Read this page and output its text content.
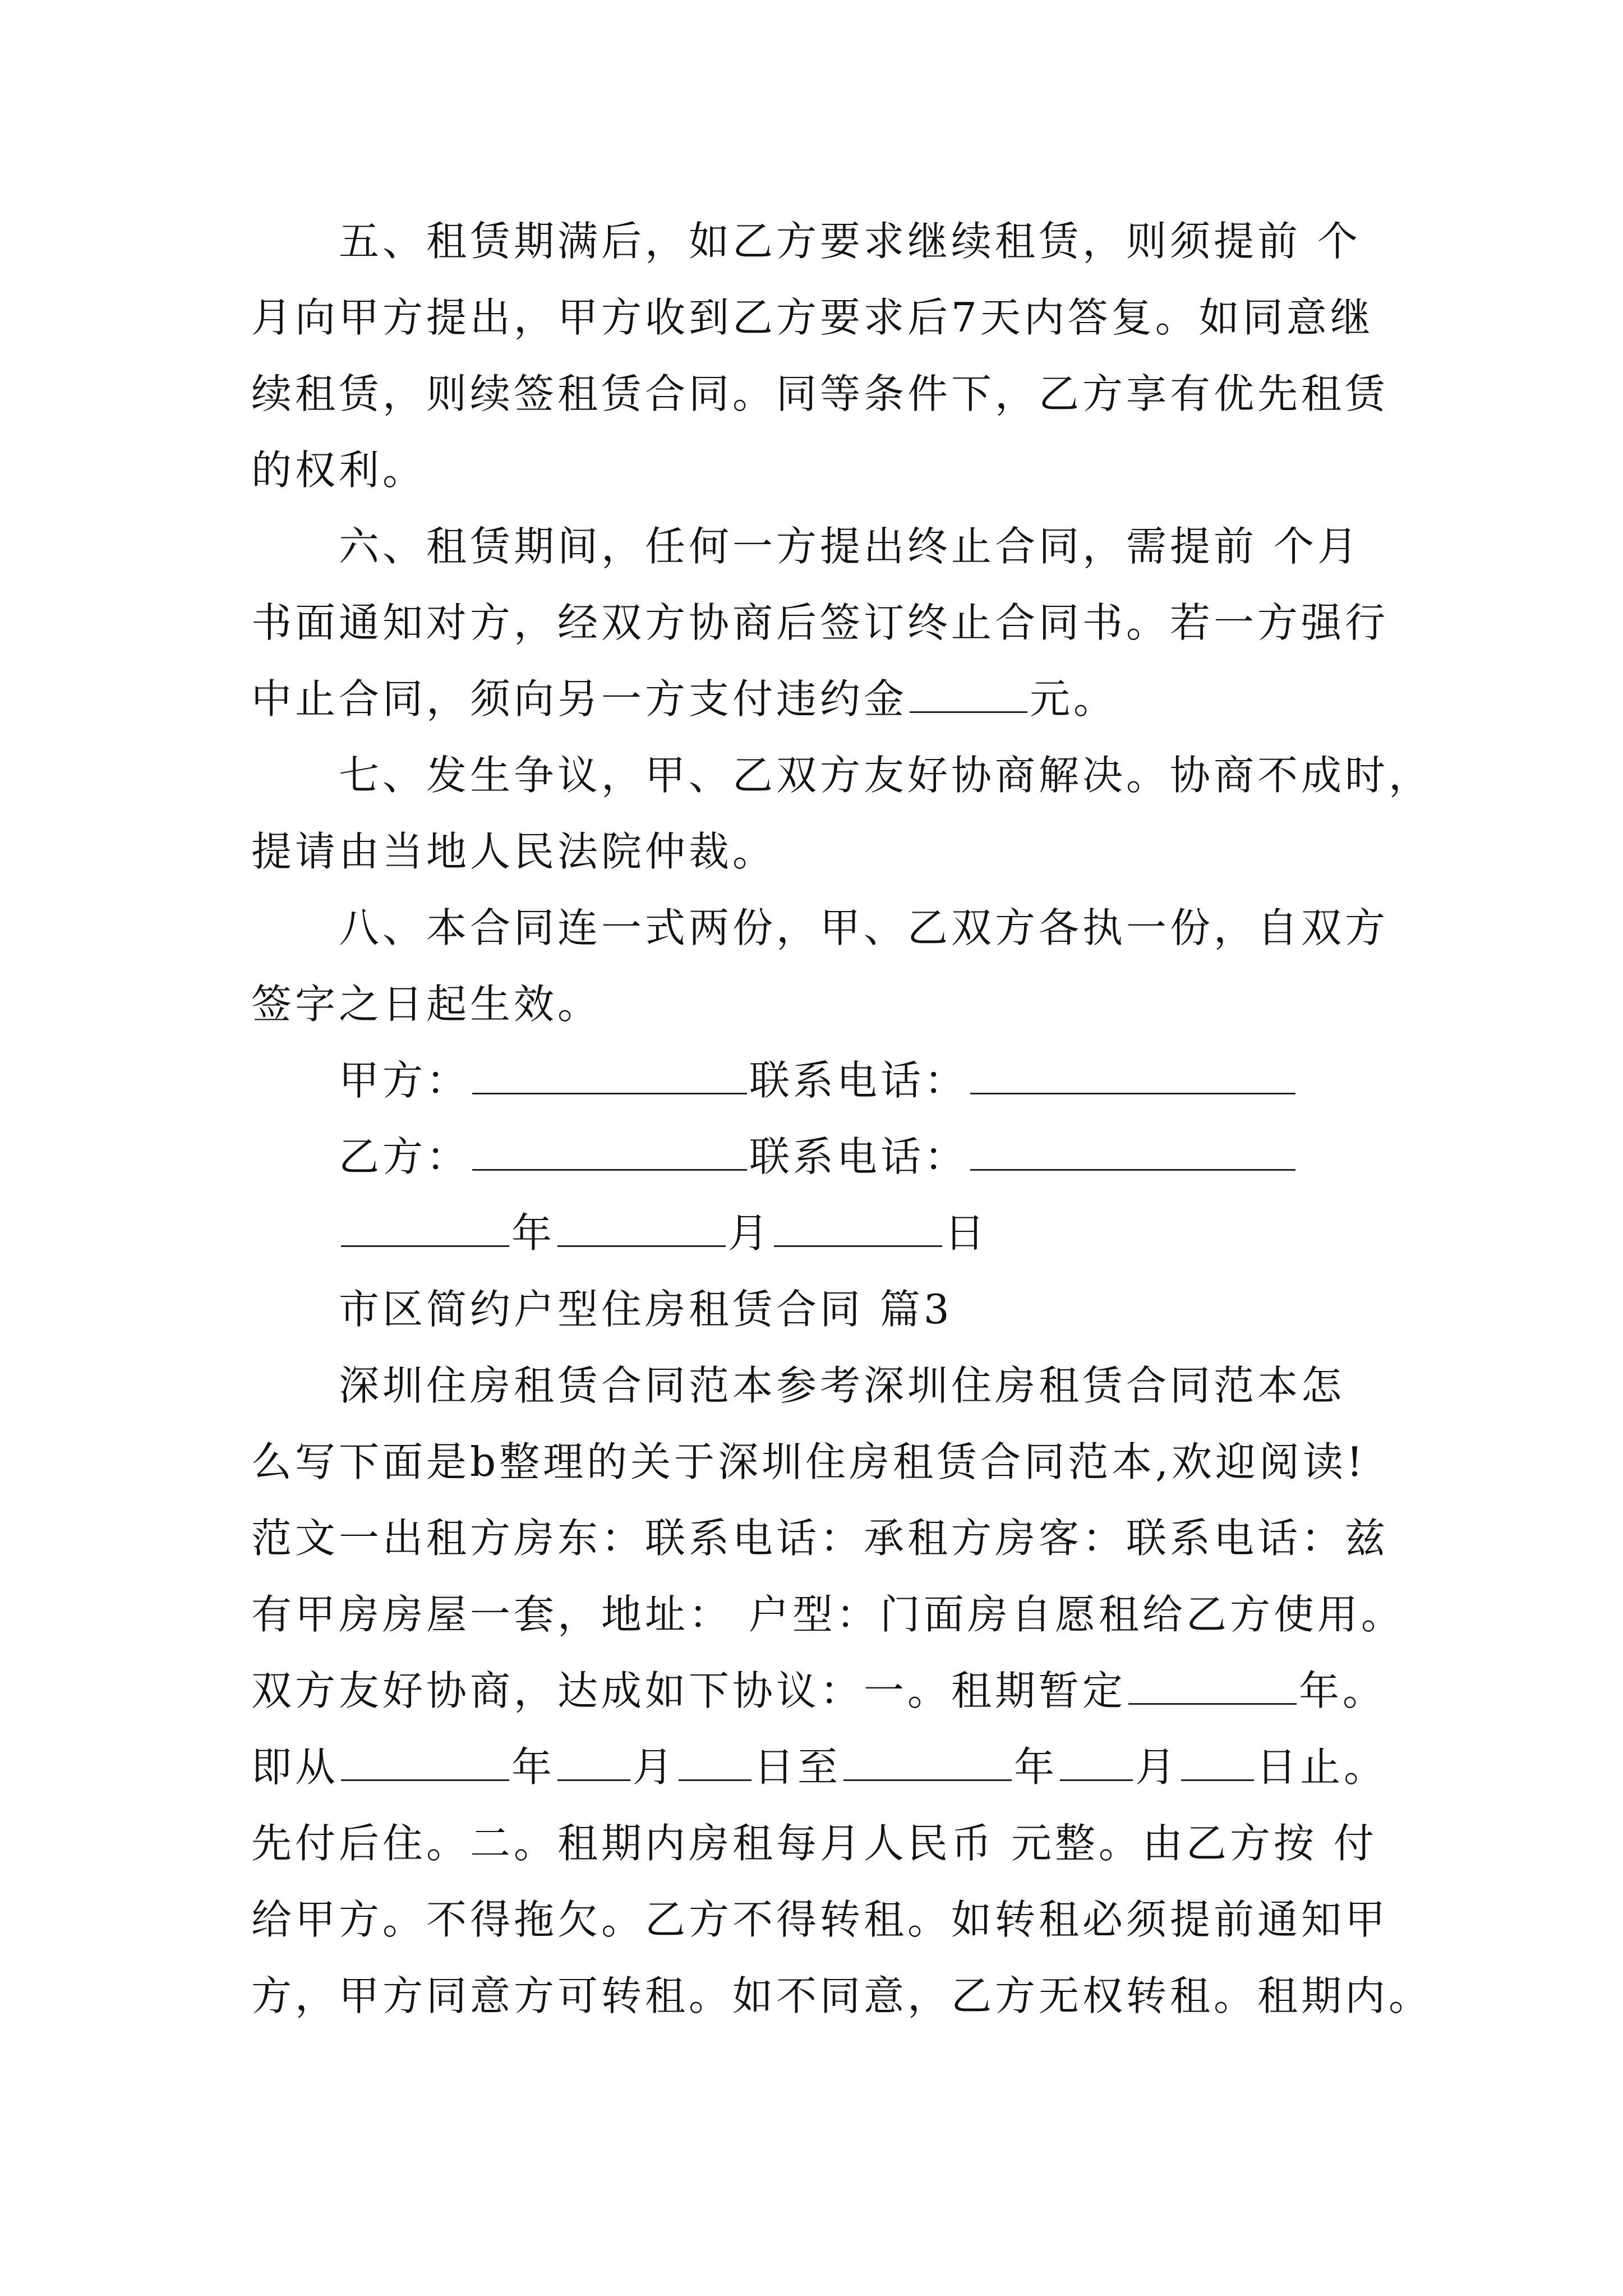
五、租赁期满后，如乙方要求继续租赁，则须提前 个
月向甲方提出，甲方收到乙方要求后7天内答复。如同意继
续租赁，则续签租赁合同。同等条件下，乙方享有优先租赁
的权利。
六、租赁期间，任何一方提出终止合同，需提前 个月
书面通知对方，经双方协商后签订终止合同书。若一方强行
中止合同，须向另一方支付违约金	元。
七、发生争议，甲、乙双方友好协商解决。协商不成时，
提请由当地人民法院仲裁。
八、本合同连一式两份，甲、乙双方各执一份，自双方
签字之日起生效。
甲方：	联系电话：
乙方：	联系电话：
年	月	日
市区简约户型住房租赁合同 篇3
深圳住房租赁合同范本参考深圳住房租赁合同范本怎
么写下面是b整理的关于深圳住房租赁合同范本,欢迎阅读!
范文一出租方房东：联系电话：承租方房客：联系电话：兹
有甲房房屋一套，地址： 户型：门面房自愿租给乙方使用。
双方友好协商，达成如下协议：一。租期暂定	年。
即从	年 月 日至	年 月 日止。
先付后住。二。租期内房租每月人民币 元整。由乙方按 付
给甲方。不得拖欠。乙方不得转租。如转租必须提前通知甲
方，甲方同意方可转租。如不同意，乙方无权转租。租期内。
